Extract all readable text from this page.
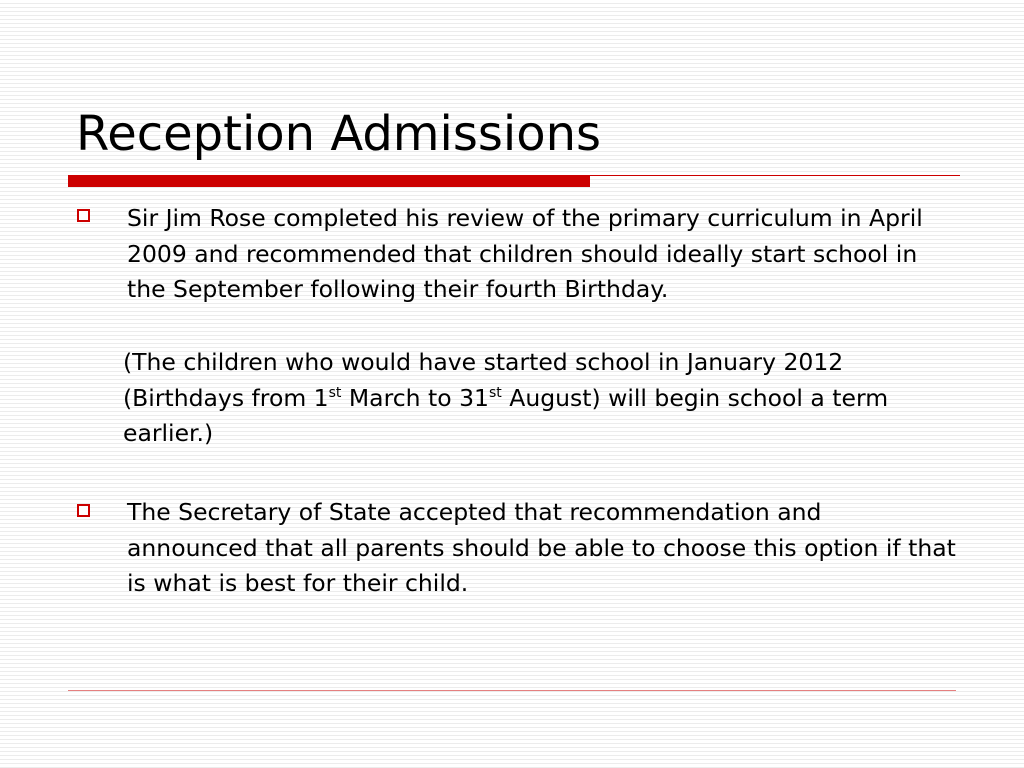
Reception Admissions

Sir Jim Rose completed his review of the primary curriculum in April 2009 and recommended that children should ideally start school in the September following their fourth Birthday.

(The children who would have started school in January 2012 (Birthdays from 1st March to 31st August) will begin school a term earlier.)

The Secretary of State accepted that recommendation and announced that all parents should be able to choose this option if that is what is best for their child.
